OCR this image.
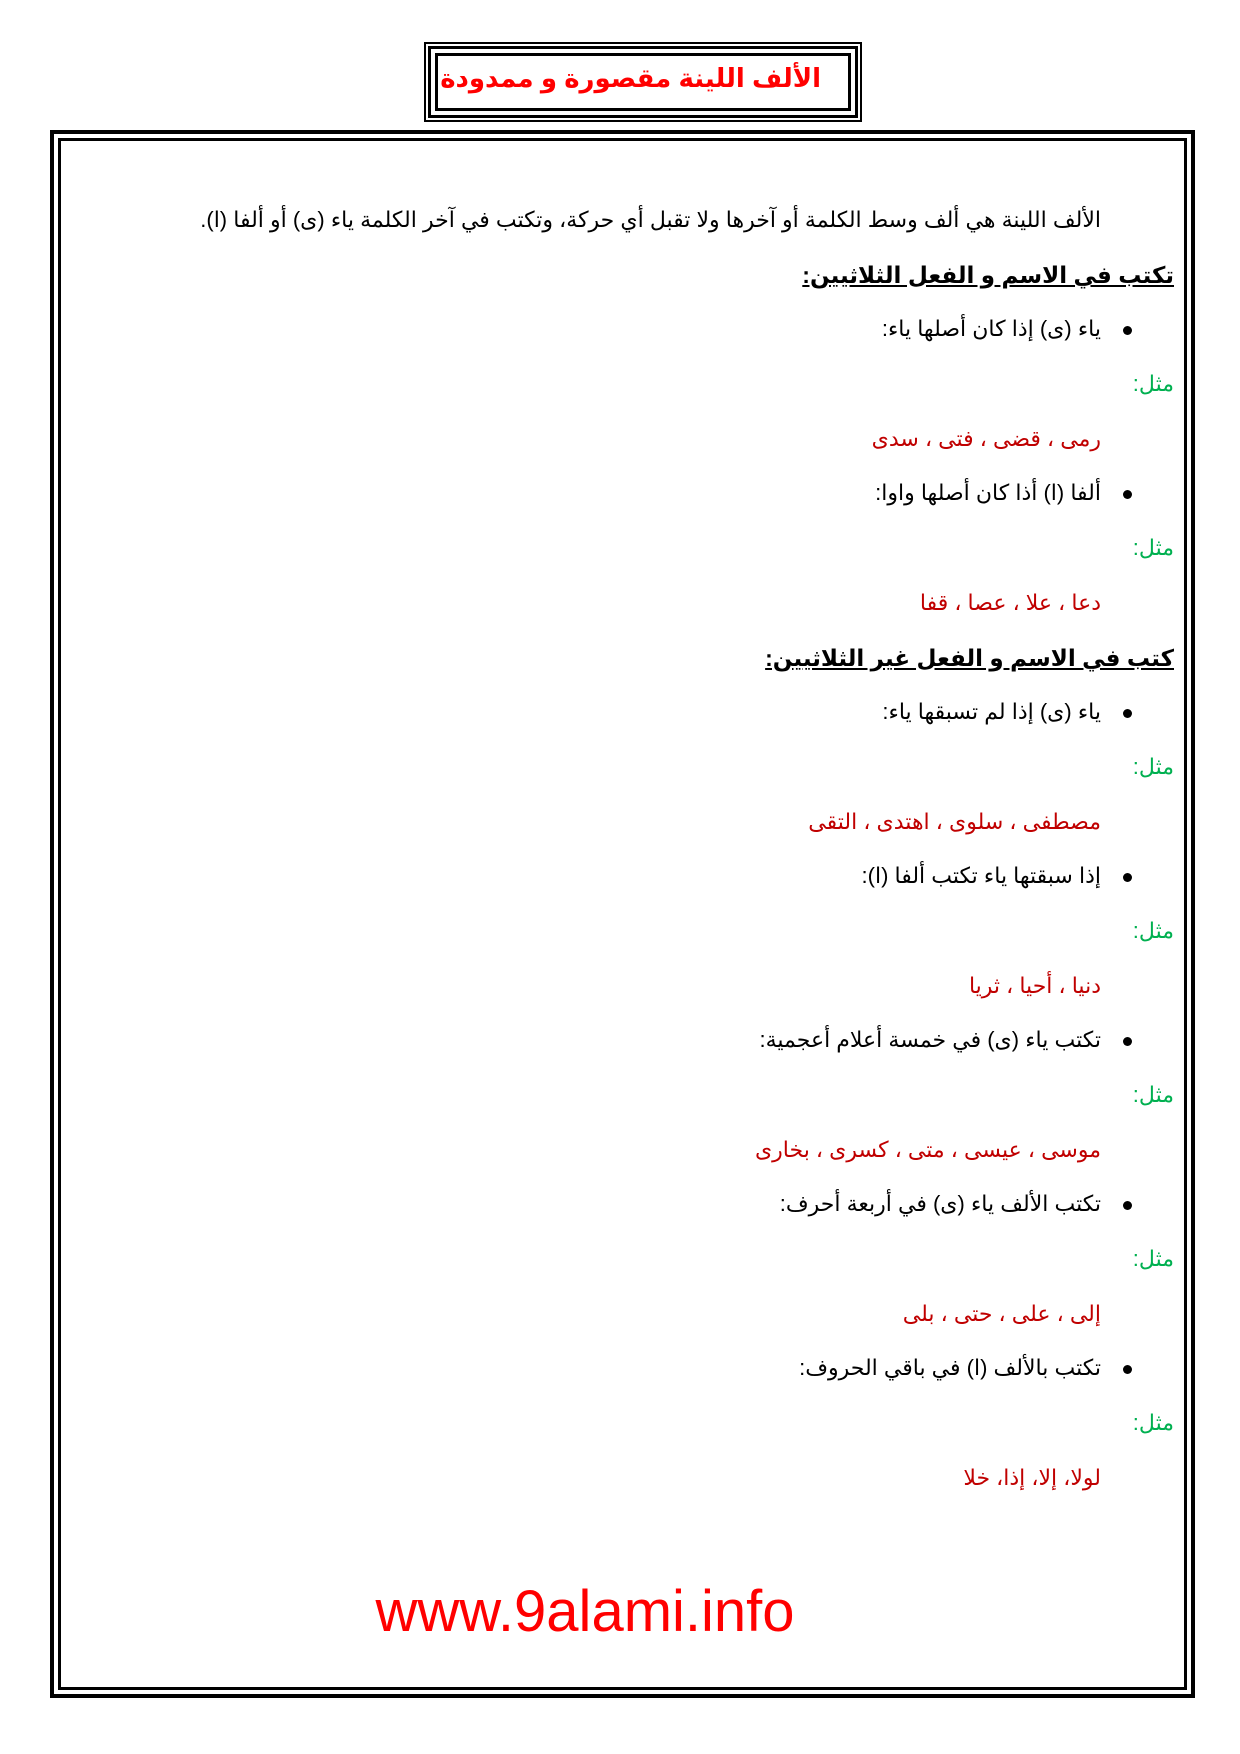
الألف اللينة مقصورة و ممدودة
الألف اللينة هي ألف وسط الكلمة أو آخرها ولا تقبل أي حركة، وتكتب في آخر الكلمة ياء (ى) أو ألفا (ا).
تكتب في الاسم و الفعل الثلاثيين:
ياء (ى) إذا كان أصلها ياء:
مثل:
رمى ، قضى ، فتى ، سدى
ألفا (ا) أذا كان أصلها واوا:
مثل:
دعا ، علا ، عصا ، قفا
كتب في الاسم و الفعل غير الثلاثيين:
ياء (ى) إذا لم تسبقها ياء:
مثل:
مصطفى ، سلوى ، اهتدى ، التقى
إذا سبقتها ياء تكتب ألفا (ا):
مثل:
دنيا ، أحيا ، ثريا
تكتب ياء (ى) في خمسة أعلام أعجمية:
مثل:
موسى ، عيسى ، متى ، كسرى ، بخارى
تكتب الألف ياء (ى) في أربعة أحرف:
مثل:
إلى ، على ، حتى ، بلى
تكتب بالألف (ا) في باقي الحروف:
مثل:
لولا، إلا، إذا، خلا
www.9alami.info
